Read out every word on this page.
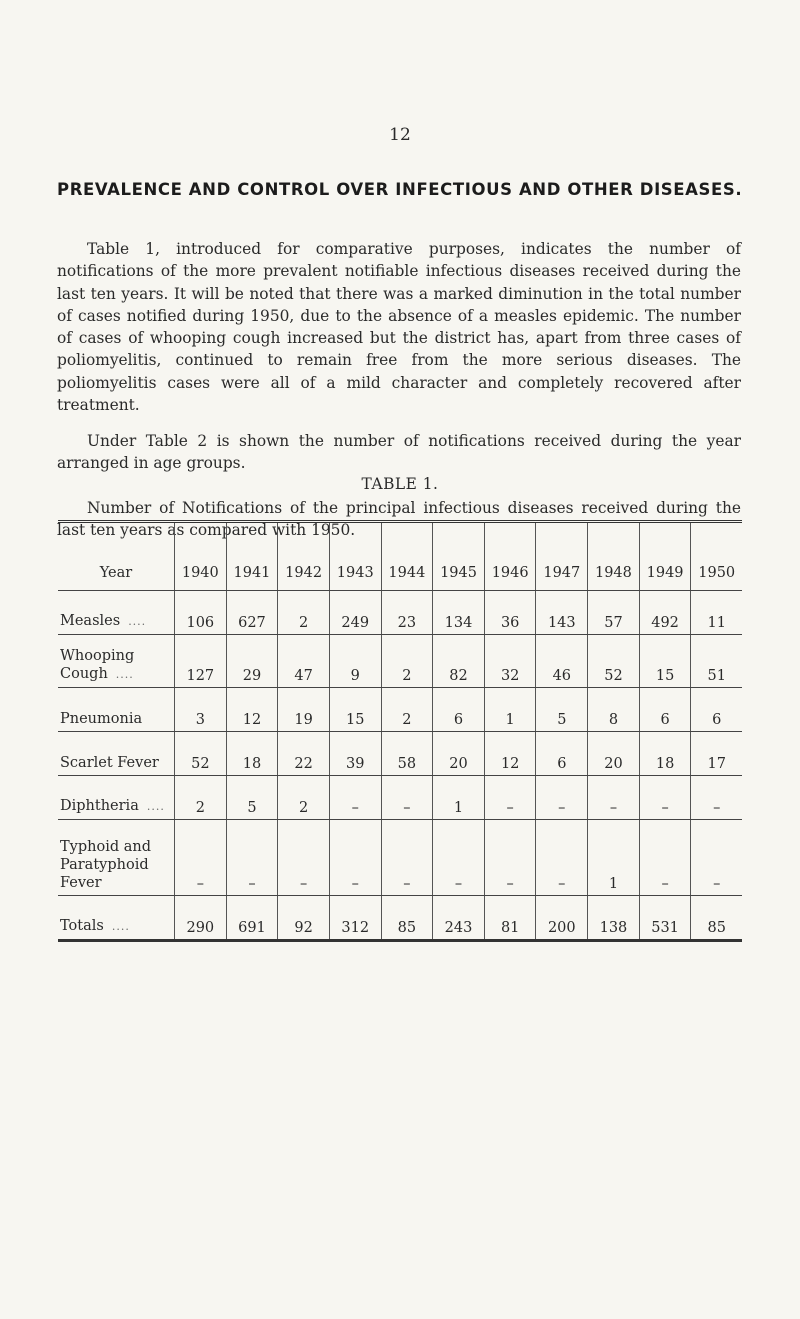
12
PREVALENCE AND CONTROL OVER INFECTIOUS AND OTHER DISEASES.

Table 1, introduced for comparative purposes, indicates the number of notifications of the more prevalent notifiable infectious diseases received during the last ten years. It will be noted that there was a marked diminution in the total number of cases notified during 1950, due to the absence of a measles epidemic. The number of cases of whooping cough increased but the district has, apart from three cases of poliomyelitis, continued to remain free from the more serious diseases. The poliomyelitis cases were all of a mild character and completely recovered after treatment.

Under Table 2 is shown the number of notifications received during the year arranged in age groups.

TABLE 1.

Number of Notifications of the principal infectious diseases received during the last ten years as compared with 1950.

Year	1940	1941	1942	1943	1944	1945	1946	1947	1948	1949	1950

Measles ....	106	627	2	249	23	134	36	143	57	492	11

Whooping
Cough ....	127	29	47	9	2	82	32	46	52	15	51

Pneumonia	3	12	19	15	2	6	1	5	8	6	6

Scarlet Fever	52	18	22	39	58	20	12	6	20	18	17

Diphtheria ....	2	5	2	–	–	1	–	–	–	–	–

Typhoid and
Paratyphoid
Fever	–	–	–	–	–	–	–	–	1	–	–

Totals ....	290	691	92	312	85	243	81	200	138	531	85
